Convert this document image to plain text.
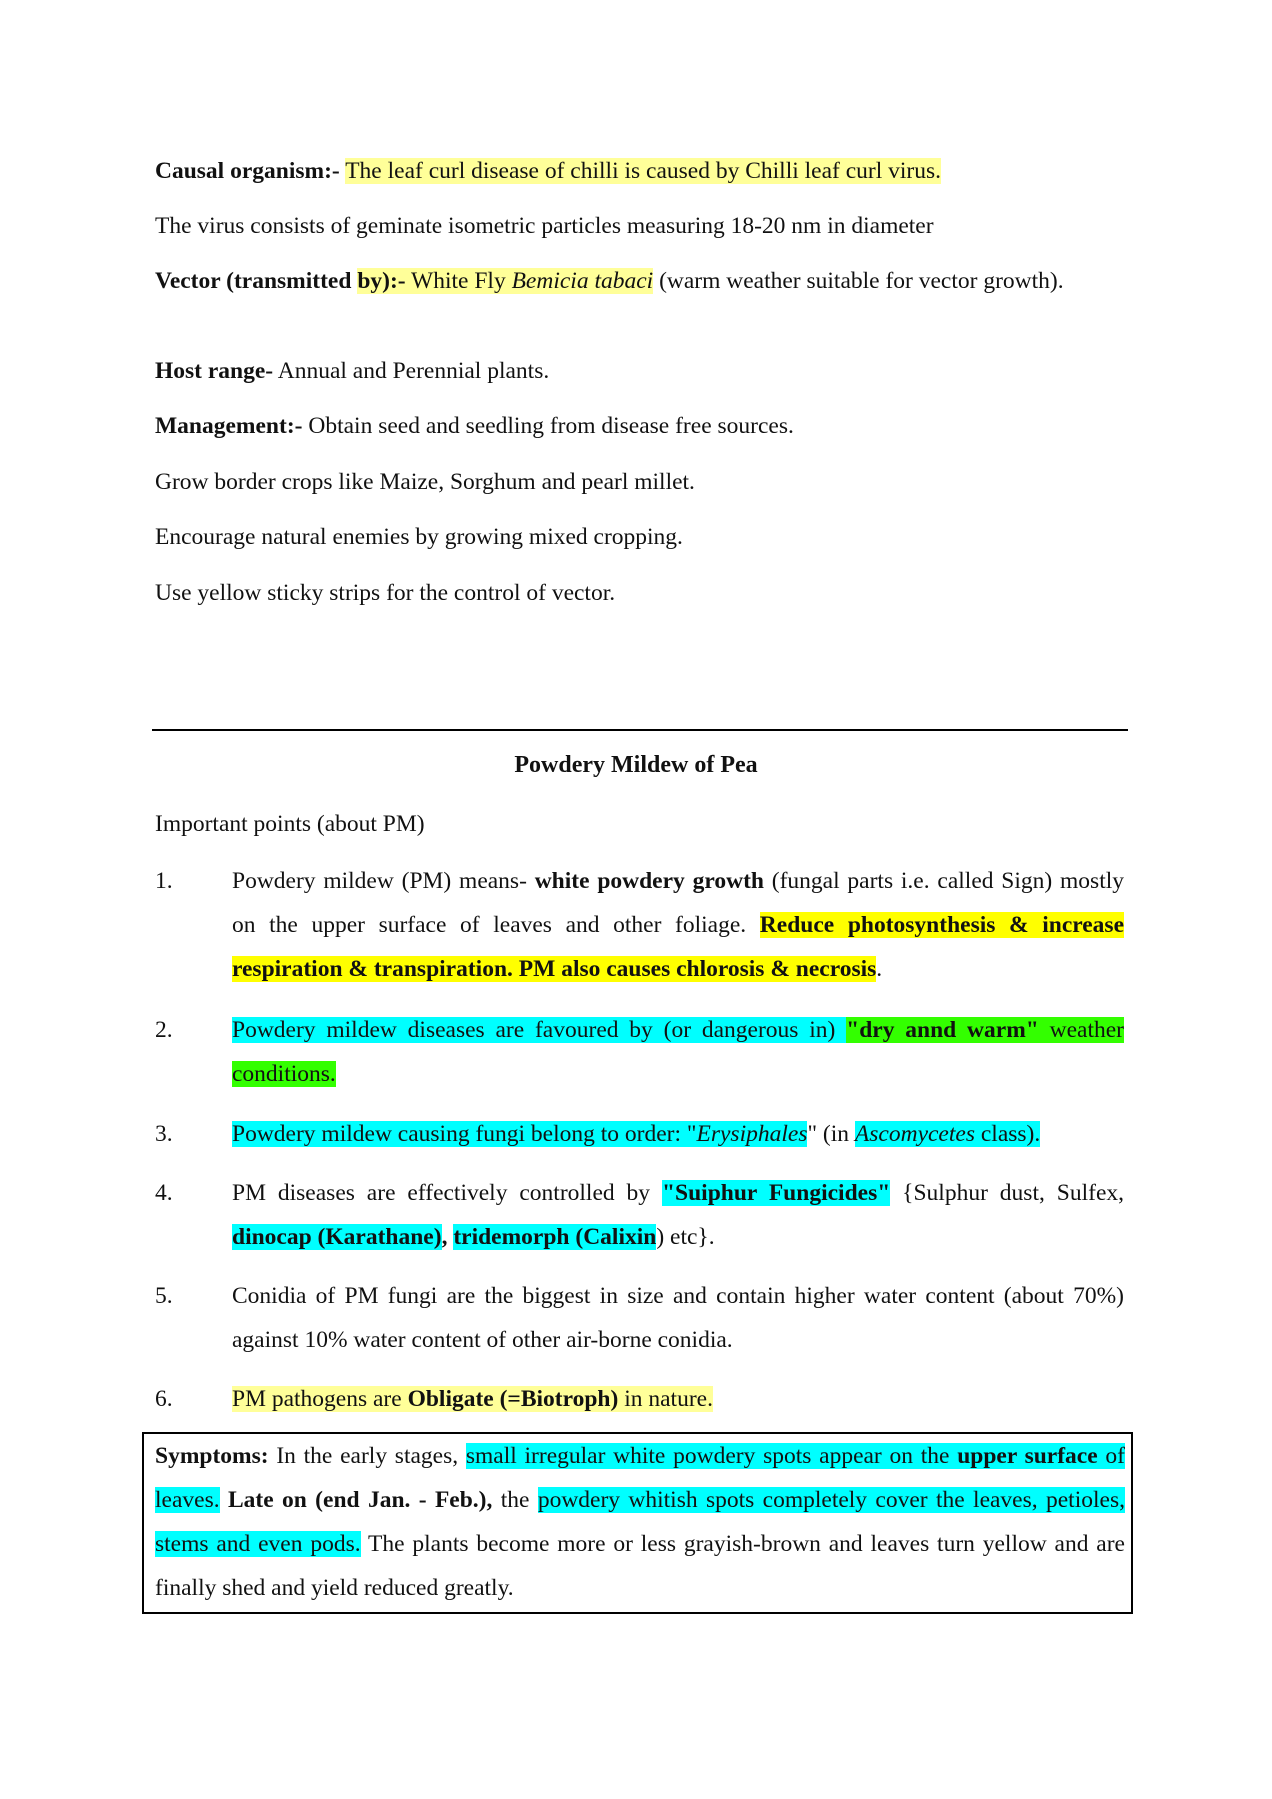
Causal organism:- The leaf curl disease of chilli is caused by Chilli leaf curl virus.
The virus consists of geminate isometric particles measuring 18-20 nm in diameter
Vector (transmitted by):- White Fly Bemicia tabaci (warm weather suitable for vector growth).
Host range- Annual and Perennial plants.
Management:- Obtain seed and seedling from disease free sources.
Grow border crops like Maize, Sorghum and pearl millet.
Encourage natural enemies by growing mixed cropping.
Use yellow sticky strips for the control of vector.
Powdery Mildew of Pea
Important points (about PM)
1.	Powdery mildew (PM) means- white powdery growth (fungal parts i.e. called Sign) mostly on the upper surface of leaves and other foliage. Reduce photosynthesis & increase respiration & transpiration. PM also causes chlorosis & necrosis.
2.	Powdery mildew diseases are favoured by (or dangerous in) "dry annd warm" weather conditions.
3.	Powdery mildew causing fungi belong to order: "Erysiphales" (in Ascomycetes class).
4.	PM diseases are effectively controlled by "Suiphur Fungicides" {Sulphur dust, Sulfex, dinocap (Karathane), tridemorph (Calixin) etc}.
5.	Conidia of PM fungi are the biggest in size and contain higher water content (about 70%) against 10% water content of other air-borne conidia.
6.	PM pathogens are Obligate (=Biotroph) in nature.
Symptoms: In the early stages, small irregular white powdery spots appear on the upper surface of leaves. Late on (end Jan. - Feb.), the powdery whitish spots completely cover the leaves, petioles, stems and even pods. The plants become more or less grayish-brown and leaves turn yellow and are finally shed and yield reduced greatly.
